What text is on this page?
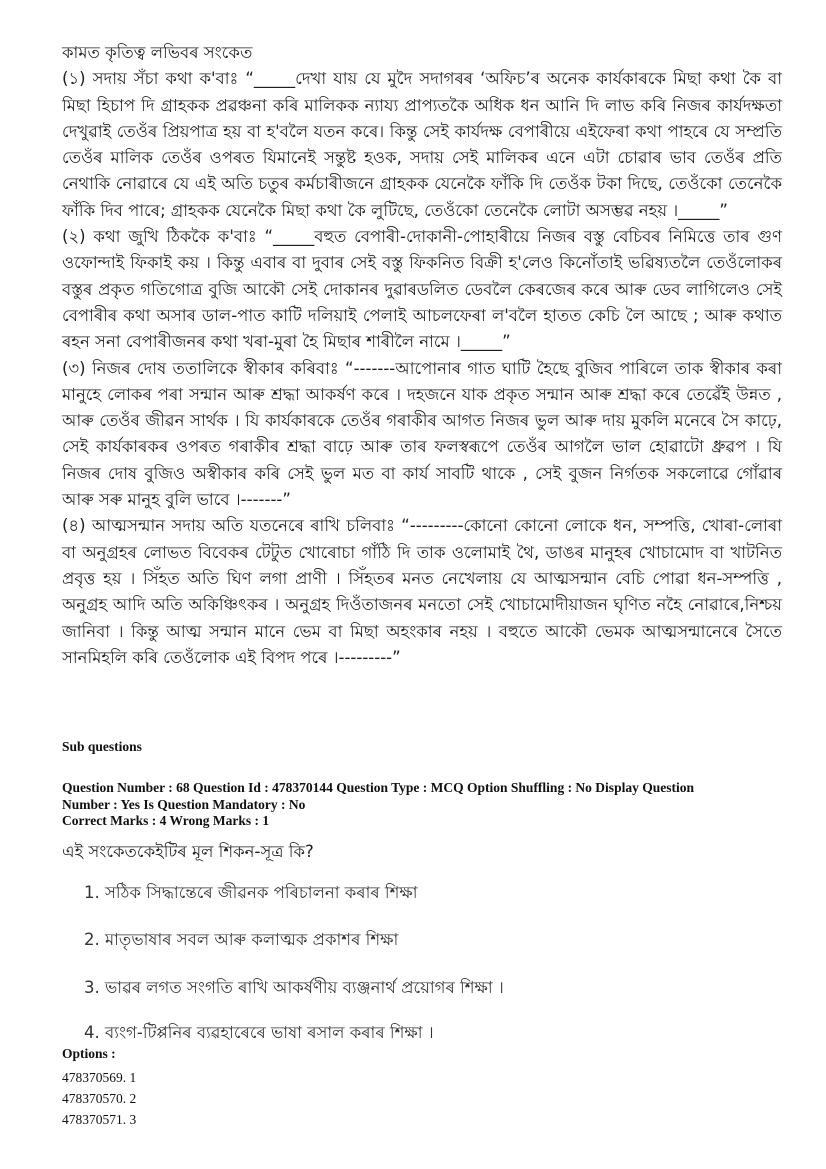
কামত কৃতিত্ব লভিবৰ সংকেত

(১) সদায় সঁচা কথা ক'বাঃ “_____দেখা যায় যে মুদৈ সদাগৰৰ ‘অফিচ’ৰ অনেক কাৰ্যকাৰকে মিছা কথা কৈ বা মিছা হিচাপ দি গ্ৰাহকক প্ৰৱঞ্চনা কৰি মালিকক ন্যায্য প্ৰাপ্যতকৈ অধিক ধন আনি দি লাভ কৰি নিজৰ কাৰ্যদক্ষতা দেখুৱাই তেওঁৰ প্ৰিয়পাত্ৰ হয় বা হ'বলৈ যতন কৰে। কিন্তু সেই কাৰ্যদক্ষ বেপাৰীয়ে এইফেৰা কথা পাহৰে যে সম্প্ৰতি তেওঁৰ মালিক তেওঁৰ ওপৰত যিমানেই সন্তুষ্ট হওক, সদায় সেই মালিকৰ এনে এটা চোৱাৰ ভাব তেওঁৰ প্ৰতি নেথাকি নোৱাৰে যে এই অতি চতুৰ কৰ্মচাৰীজনে গ্ৰাহকক যেনেকৈ ফাঁকি দি তেওঁক টকা দিছে, তেওঁকো তেনেকৈ ফাঁকি দিব পাৰে; গ্ৰাহকক যেনেকৈ মিছা কথা কৈ লুটিছে, তেওঁকো তেনেকৈ লোটা অসম্ভৱ নহয় ।_____”

(২) কথা জুখি ঠিককৈ ক'বাঃ “_____বহুত বেপাৰী-দোকানী-পোহাৰীয়ে নিজৰ বস্তু বেচিবৰ নিমিত্তে তাৰ গুণ ওফোন্দাই ফিকাই কয় । কিন্তু এবাৰ বা দুবাৰ সেই বস্তু ফিকনিত বিক্ৰী হ'লেও কিনোঁতাই ভৱিষ্যতলৈ তেওঁলোকৰ বস্তুৰ প্ৰকৃত গতিগোত্ৰ বুজি আকৌ সেই দোকানৰ দুৱাৰডলিত ডেবলৈ কেৰজেৰ কৰে আৰু ডেব লাগিলেও সেই বেপাৰীৰ কথা অসাৰ ডাল-পাত কাটি দলিয়াই পেলাই আচলফেৰা ল'বলৈ হাতত কেচি লৈ আছে ; আৰু কথাত ৰহন সনা বেপাৰীজনৰ কথা খৰা-মুৰা হৈ মিছাৰ শাৰীলৈ নামে ।_____”

(৩) নিজৰ দোষ ততালিকে স্বীকাৰ কৰিবাঃ “-------আপোনাৰ গাত ঘাটি হৈছে বুজিব পাৰিলে তাক স্বীকাৰ কৰা মানুহে লোকৰ পৰা সন্মান আৰু শ্ৰদ্ধা আকৰ্ষণ কৰে । দহজনে যাক প্ৰকৃত সন্মান আৰু শ্ৰদ্ধা কৰে তেৱেঁই উন্নত , আৰু তেওঁৰ জীৱন সাৰ্থক । যি কাৰ্যকাৰকে তেওঁৰ গৰাকীৰ আগত নিজৰ ভুল আৰু দায় মুকলি মনেৰে সৈ কাঢ়ে, সেই কাৰ্যকাৰকৰ ওপৰত গৰাকীৰ শ্ৰদ্ধা বাঢ়ে আৰু তাৰ ফলস্বৰূপে তেওঁৰ আগলৈ ভাল হোৱাটো ধ্ৰুৱপ । যি নিজৰ দোষ বুজিও অস্বীকাৰ কৰি সেই ভুল মত বা কাৰ্য সাবটি থাকে , সেই বুজন নিৰ্গতক সকলোৱে গোঁৱাৰ আৰু সৰু মানুহ বুলি ভাবে ।-------”

(৪) আত্মসন্মান সদায় অতি যতনেৰে ৰাখি চলিবাঃ “---------কোনো কোনো লোকে ধন, সম্পত্তি, খোৰা-লোৰা বা অনুগ্ৰহৰ লোভত বিবেকৰ টেটুত খোৰোচা গাঁঠি দি তাক ওলোমাই থৈ, ডাঙৰ মানুহৰ খোচামোদ বা খাটনিত প্ৰবৃত্ত হয় । সিঁহত অতি ঘিণ লগা প্ৰাণী । সিঁহতৰ মনত নেখেলায় যে আত্মসন্মান বেচি পোৱা ধন-সম্পত্তি , অনুগ্ৰহ আদি অতি অকিঞ্চিৎকৰ । অনুগ্ৰহ দিওঁতাজনৰ মনতো সেই খোচামোদীয়াজন ঘৃণিত নহৈ নোৱাৰে,নিশ্চয় জানিবা । কিন্তু আত্ম সন্মান মানে ভেম বা মিছা অহংকাৰ নহয় । বহুতে আকৌ ভেমক আত্মসন্মানেৰে সৈতে সানমিহলি কৰি তেওঁলোক এই বিপদ পৰে ।---------”

Sub questions
Question Number : 68 Question Id : 478370144 Question Type : MCQ Option Shuffling : No Display Question
Number : Yes Is Question Mandatory : No
Correct Marks : 4 Wrong Marks : 1
এই সংকেতকেইটিৰ মূল শিকন-সূত্ৰ কি?
1. সঠিক সিদ্ধান্তেৰে জীৱনক পৰিচালনা কৰাৰ শিক্ষা
2. মাতৃভাষাৰ সবল আৰু কলাত্মক প্ৰকাশৰ শিক্ষা
3. ভাৱৰ লগত সংগতি ৰাখি আকৰ্ষণীয় ব্যঞ্জনাৰ্থ প্ৰয়োগৰ শিক্ষা ।
4. ব্যংগ-টিপ্পনিৰ ব্যৱহাৰেৰে ভাষা ৰসাল কৰাৰ শিক্ষা ।
Options :
478370569. 1
478370570. 2
478370571. 3
